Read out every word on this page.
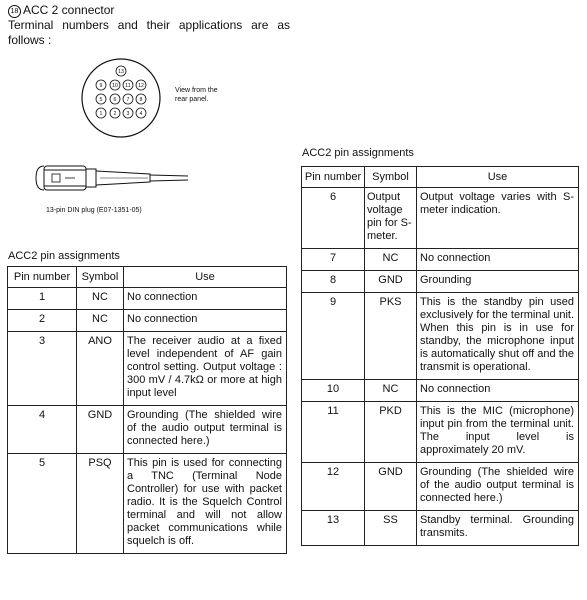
18 ACC 2 connector
Terminal numbers and their applications are as
follows :
13
9 10 11 12
5 6 7 8
1 2 3 4
View from the
rear panel.
13-pin DIN plug (E07-1351-05)
ACC2 pin assignments
Pin number	Symbol	Use
1	NC	No connection
2	NC	No connection
3	ANO	The receiver audio at a fixed level independent of AF gain control setting. Output voltage : 300 mV / 4.7kΩ or more at high input level
4	GND	Grounding (The shielded wire of the audio output terminal is connected here.)
5	PSQ	This pin is used for connecting a TNC (Terminal Node Controller) for use with packet radio. It is the Squelch Control terminal and will not allow packet communications while squelch is off.
ACC2 pin assignments
Pin number	Symbol	Use
6	Output voltage pin for S-meter.	Output voltage varies with S-meter indication.
7	NC	No connection
8	GND	Grounding
9	PKS	This is the standby pin used exclusively for the terminal unit. When this pin is in use for standby, the microphone input is automatically shut off and the transmit is operational.
10	NC	No connection
11	PKD	This is the MIC (microphone) input pin from the terminal unit. The input level is approximately 20 mV.
12	GND	Grounding (The shielded wire of the audio output terminal is connected here.)
13	SS	Standby terminal. Grounding transmits.
